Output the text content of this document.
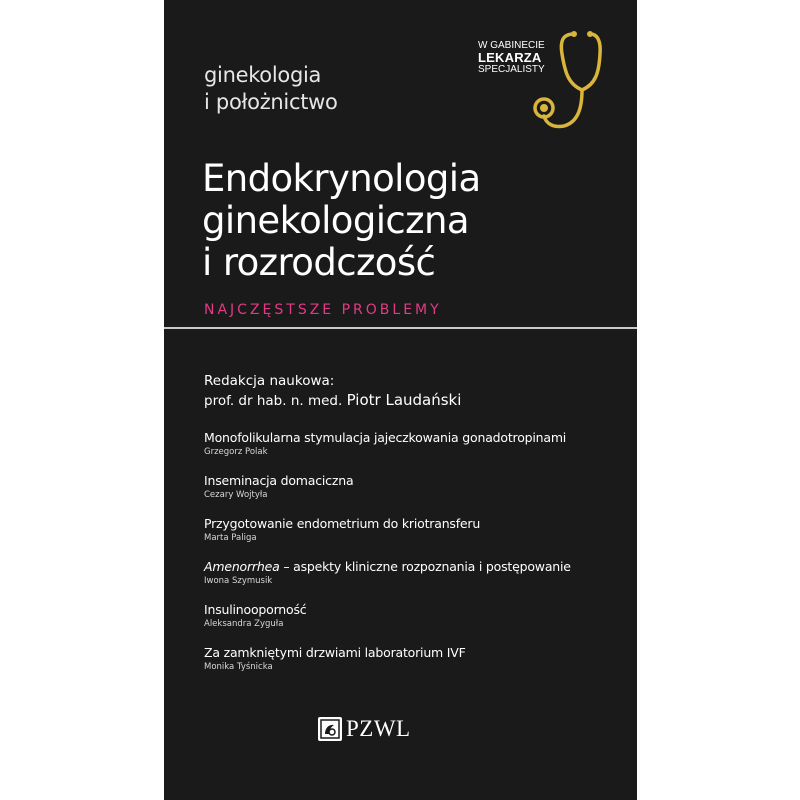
ginekologia
i położnictwo
W GABINECIE
LEKARZA
SPECJALISTY
Endokrynologia
ginekologiczna
i rozrodczość
NAJCZĘSTSZE PROBLEMY
Redakcja naukowa:
prof. dr hab. n. med. Piotr Laudański
Monofolikularna stymulacja jajeczkowania gonadotropinami
Grzegorz Polak
Inseminacja domaciczna
Cezary Wojtyła
Przygotowanie endometrium do kriotransferu
Marta Paliga
Amenorrhea – aspekty kliniczne rozpoznania i postępowanie
Iwona Szymusik
Insulinooporność
Aleksandra Zyguła
Za zamkniętymi drzwiami laboratorium IVF
Monika Tyśnicka
PZWL
